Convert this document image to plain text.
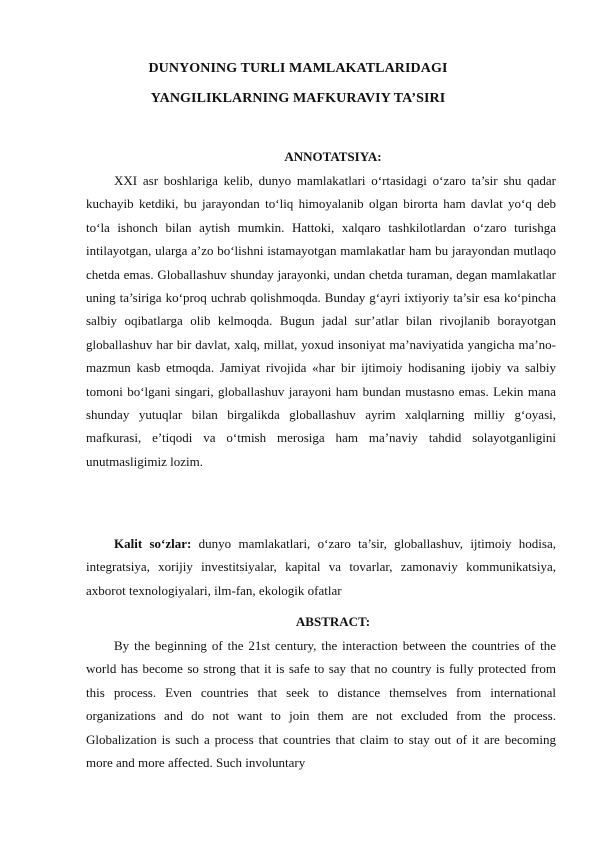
DUNYONING TURLI MAMLAKATLARIDAGI
YANGILIKLARNING MAFKURAVIY TA’SIRI
ANNOTATSIYA:
XXI asr boshlariga kelib, dunyo mamlakatlari o‘rtasidagi o‘zaro ta’sir shu qadar kuchayib ketdiki, bu jarayondan to‘liq himoyalanib olgan birorta ham davlat yo‘q deb to‘la ishonch bilan aytish mumkin. Hattoki, xalqaro tashkilotlardan o‘zaro turishga intilayotgan, ularga a’zo bo‘lishni istamayotgan mamlakatlar ham bu jarayondan mutlaqo chetda emas. Globallashuv shunday jarayonki, undan chetda turaman, degan mamlakatlar uning ta’siriga ko‘proq uchrab qolishmoqda. Bunday g‘ayri ixtiyoriy ta’sir esa ko‘pincha salbiy oqibatlarga olib kelmoqda. Bugun jadal sur’atlar bilan rivojlanib borayotgan globallashuv har bir davlat, xalq, millat, yoxud insoniyat ma’naviyatida yangicha ma’no-mazmun kasb etmoqda. Jamiyat rivojida «har bir ijtimoiy hodisaning ijobiy va salbiy tomoni bo‘lgani singari, globallashuv jarayoni ham bundan mustasno emas. Lekin mana shunday yutuqlar bilan birgalikda globallashuv ayrim xalqlarning milliy g‘oyasi, mafkurasi, e’tiqodi va o‘tmish merosiga ham ma’naviy tahdid solayotganligini unutmasligimiz lozim.
Kalit so‘zlar: dunyo mamlakatlari, o‘zaro ta’sir, globallashuv, ijtimoiy hodisa, integratsiya, xorijiy investitsiyalar, kapital va tovarlar, zamonaviy kommunikatsiya, axborot texnologiyalari, ilm-fan, ekologik ofatlar
ABSTRACT:
By the beginning of the 21st century, the interaction between the countries of the world has become so strong that it is safe to say that no country is fully protected from this process. Even countries that seek to distance themselves from international organizations and do not want to join them are not excluded from the process. Globalization is such a process that countries that claim to stay out of it are becoming more and more affected. Such involuntary
